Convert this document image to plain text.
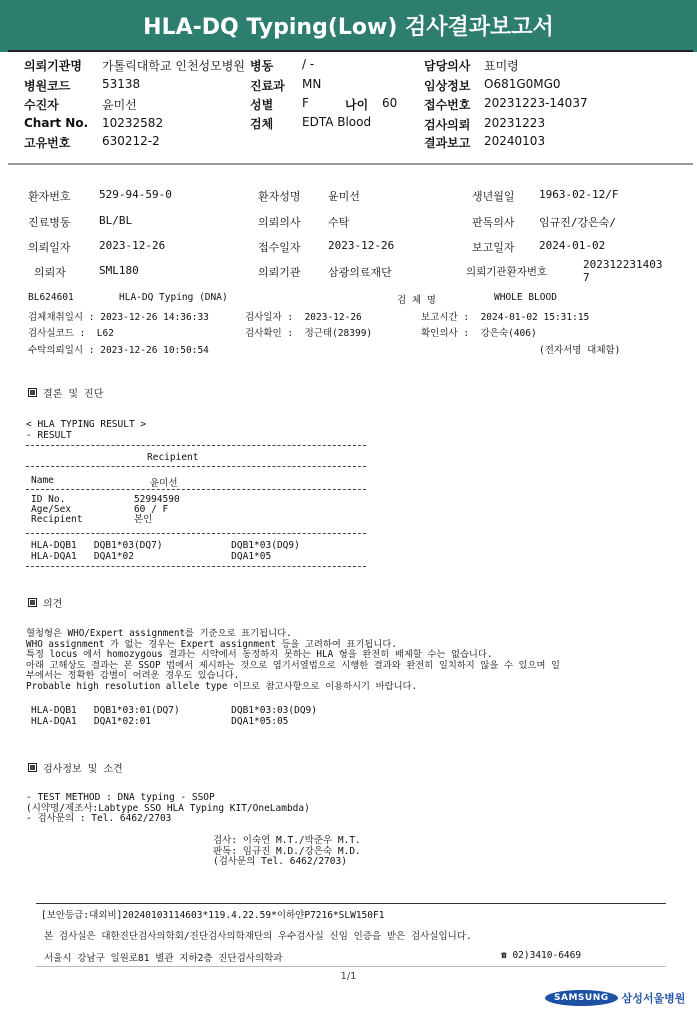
HLA-DQ Typing(Low) 검사결과보고서
의뢰기관명 가톨릭대학교 인천성모병원 병동 / -	담당의사 표미령
병원코드	53138	진료과 MN	임상정보 O681G0MG0
수진자	윤미선	성별 F	나이 60 접수번호 20231223-14037
Chart No. 10232582	검체 EDTA Blood	검사의뢰 20231223
고유번호	630212-2	결과보고 20240103
환자번호	529-94-59-0	환자성명 윤미선	생년월일 1963-02-12/F
진료병동	BL/BL	의뢰의사 수탁	판독의사 임규진/강은숙/
의뢰일자	2023-12-26	접수일자 2023-12-26	보고일자 2024-01-02
의뢰자	SML180	의뢰기관 삼광의료재단	의뢰기관환자번호
202312231403
7
BL624601	HLA-DQ Typing (DNA)	검 체 명	WHOLE BLOOD
검체채취일시 : 2023-12-26 14:36:33	검사일자 :  2023-12-26	보고시간 :  2024-01-02 15:31:15
검사실코드 :  L62	검사확인 :  정근태(28399)	확인의사 :  강은숙(406)
수탁의뢰일시 : 2023-12-26 10:50:54	(전자서명 대체함)
결론 및 진단
< HLA TYPING RESULT >
- RESULT
Recipient
Name	윤미선
ID No.            52994590
Age/Sex           60 / F
Recipient         본인
HLA-DQB1   DQB1*03(DQ7)            DQB1*03(DQ9)
HLA-DQA1   DQA1*02                 DQA1*05
의견
혈청형은 WHO/Expert assignment를 기준으로 표기됩니다.
WHO assignment 가 없는 경우는 Expert assignment 등을 고려하여 표기됩니다.
특정 locus 에서 homozygous 결과는 시약에서 동정하지 못하는 HLA 형을 완전히 배제할 수는 없습니다.
아래 고해상도 결과는 본 SSOP 법에서 제시하는 것으로 염기서열법으로 시행한 결과와 완전히 일치하지 않을 수 있으며 일
부에서는 정확한 감별이 어려운 경우도 있습니다.
Probable high resolution allele type 이므로 참고사항으로 이용하시기 바랍니다.
HLA-DQB1   DQB1*03:01(DQ7)         DQB1*03:03(DQ9)
HLA-DQA1   DQA1*02:01              DQA1*05:05
검사정보 및 소견
- TEST METHOD : DNA typing - SSOP
(시약명/제조사:Labtype SSO HLA Typing KIT/OneLambda)
- 검사문의 : Tel. 6462/2703
검사: 이숙연 M.T./박준우 M.T.
판독: 임규진 M.D./강은숙 M.D.
(검사문의 Tel. 6462/2703)
[보안등급:대외비]20240103114603*119.4.22.59*이하얀P7216*SLW150F1
본 검사실은 대한진단검사의학회/진단검사의학재단의 우수검사실 신임 인증을 받은 검사실입니다.
서울시 강남구 일원로81 별관 지하2층 진단검사의학과	☎ 02)3410-6469
1/1
SAMSUNG 삼성서울병원
